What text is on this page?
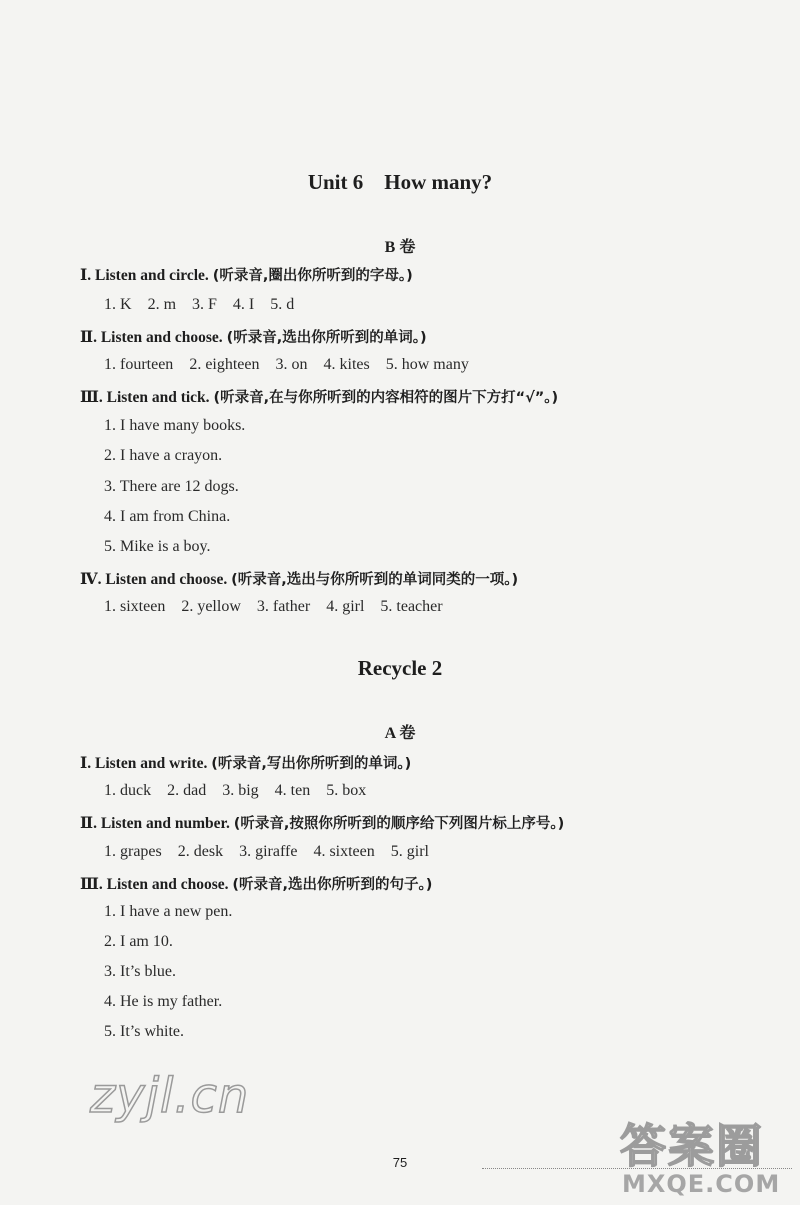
Unit 6    How many?
B 卷
Ⅰ. Listen and circle. (听录音,圈出你所听到的字母。)
1. K 2. m 3. F 4. I 5. d
Ⅱ. Listen and choose. (听录音,选出你所听到的单词。)
1. fourteen 2. eighteen 3. on 4. kites 5. how many
Ⅲ. Listen and tick. (听录音,在与你所听到的内容相符的图片下方打“√”。)
1. I have many books.
2. I have a crayon.
3. There are 12 dogs.
4. I am from China.
5. Mike is a boy.
Ⅳ. Listen and choose. (听录音,选出与你所听到的单词同类的一项。)
1. sixteen 2. yellow 3. father 4. girl 5. teacher
Recycle 2
A 卷
Ⅰ. Listen and write. (听录音,写出你所听到的单词。)
1. duck 2. dad 3. big 4. ten 5. box
Ⅱ. Listen and number. (听录音,按照你所听到的顺序给下列图片标上序号。)
1. grapes 2. desk 3. giraffe 4. sixteen 5. girl
Ⅲ. Listen and choose. (听录音,选出你所听到的句子。)
1. I have a new pen.
2. I am 10.
3. It’s blue.
4. He is my father.
5. It’s white.
zyjl.cn
75	答案圈
MXQE.COM
